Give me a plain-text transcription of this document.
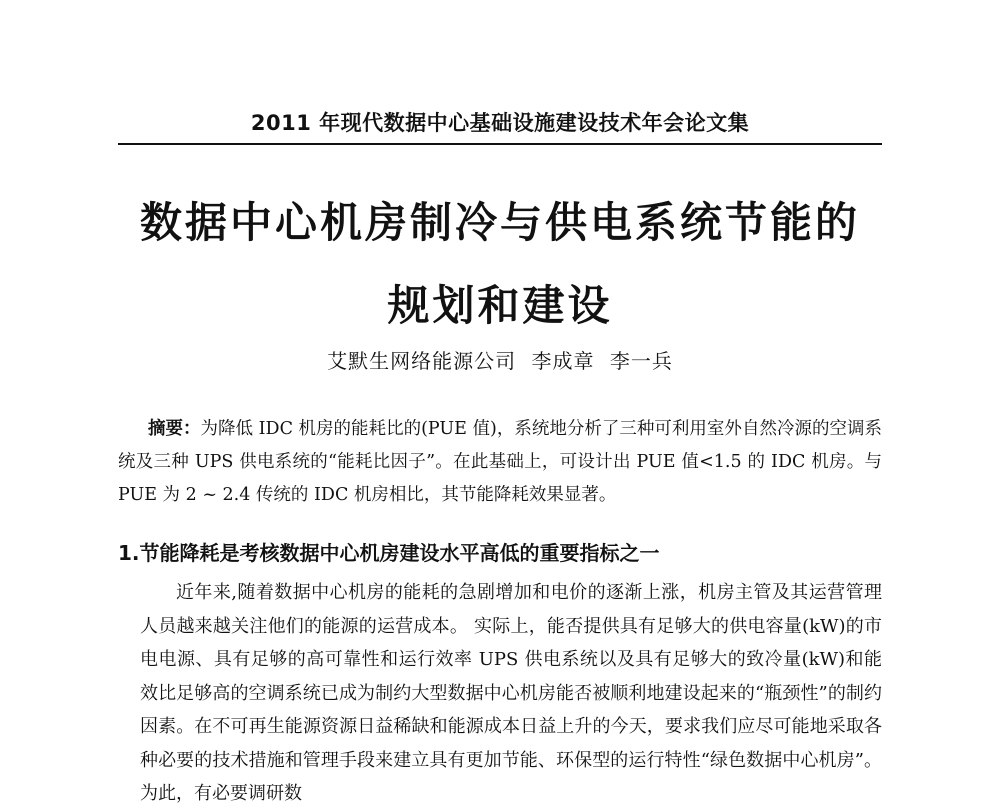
2011 年现代数据中心基础设施建设技术年会论文集
数据中心机房制冷与供电系统节能的
规划和建设
艾默生网络能源公司 李成章 李一兵
摘要：为降低 IDC 机房的能耗比的(PUE 值)，系统地分析了三种可利用室外自然冷源的空调系统及三种 UPS 供电系统的“能耗比因子”。在此基础上，可设计出 PUE 值<1.5 的 IDC 机房。与 PUE 为 2 ~ 2.4 传统的 IDC 机房相比，其节能降耗效果显著。
1.节能降耗是考核数据中心机房建设水平高低的重要指标之一
近年来,随着数据中心机房的能耗的急剧增加和电价的逐渐上涨，机房主管及其运营管理人员越来越关注他们的能源的运营成本。 实际上，能否提供具有足够大的供电容量(kW)的市电电源、具有足够的高可靠性和运行效率 UPS 供电系统以及具有足够大的致冷量(kW)和能效比足够高的空调系统已成为制约大型数据中心机房能否被顺利地建设起来的“瓶颈性”的制约因素。在不可再生能源资源日益稀缺和能源成本日益上升的今天，要求我们应尽可能地采取各种必要的技术措施和管理手段来建立具有更加节能、环保型的运行特性“绿色数据中心机房”。为此，有必要调研数
